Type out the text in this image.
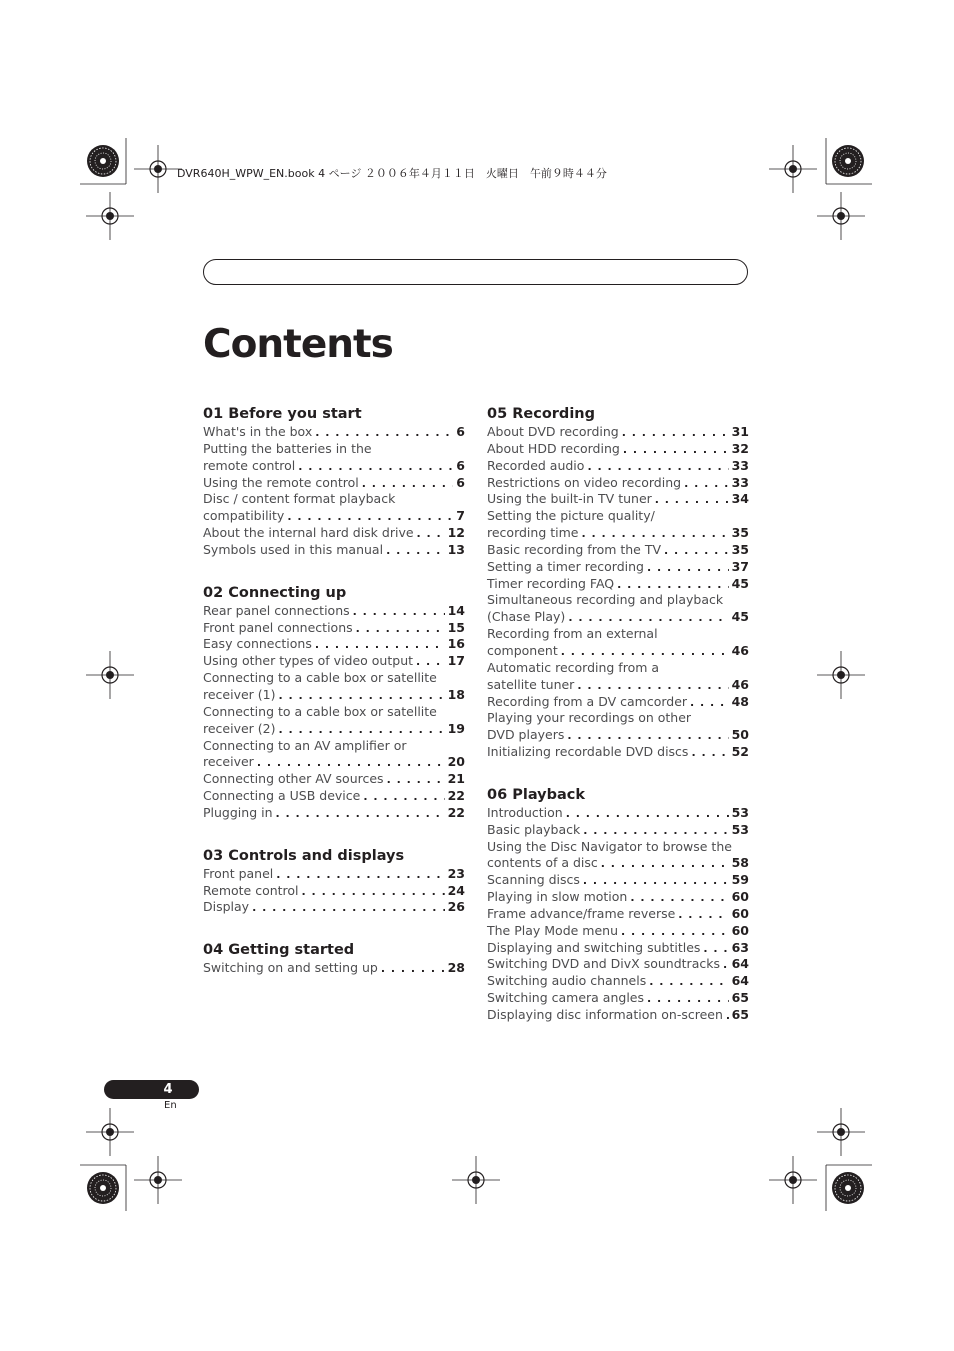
DVR640H_WPW_EN.book 4 ページ ２００６年４月１１日　火曜日　午前９時４４分
Contents
01 Before you start
What's in the box . . .	6
Putting the batteries in the
remote control . . .	6
Using the remote control . . .	6
Disc / content format playback
compatibility . . .	7
About the internal hard disk drive . . .	12
Symbols used in this manual . . .	13
02 Connecting up
Rear panel connections . . .	14
Front panel connections . . .	15
Easy connections . . .	16
Using other types of video output . . .	17
Connecting to a cable box or satellite
receiver (1) . . .	18
Connecting to a cable box or satellite
receiver (2) . . .	19
Connecting to an AV amplifier or
receiver . . .	20
Connecting other AV sources . . .	21
Connecting a USB device . . .	22
Plugging in . . .	22
03 Controls and displays
Front panel . . .	23
Remote control . . .	24
Display . . .	26
04 Getting started
Switching on and setting up . . .	28
05 Recording
About DVD recording . . .	31
About HDD recording . . .	32
Recorded audio . . .	33
Restrictions on video recording . . .	33
Using the built-in TV tuner . . .	34
Setting the picture quality/
recording time . . .	35
Basic recording from the TV . . .	35
Setting a timer recording . . .	37
Timer recording FAQ . . .	45
Simultaneous recording and playback
(Chase Play) . . .	45
Recording from an external
component . . .	46
Automatic recording from a
satellite tuner . . .	46
Recording from a DV camcorder . . .	48
Playing your recordings on other
DVD players . . .	50
Initializing recordable DVD discs . . .	52
06 Playback
Introduction . . .	53
Basic playback . . .	53
Using the Disc Navigator to browse the
contents of a disc . . .	58
Scanning discs . . .	59
Playing in slow motion . . .	60
Frame advance/frame reverse . . .	60
The Play Mode menu . . .	60
Displaying and switching subtitles . . . 63
Switching DVD and DivX soundtracks . . . 64
Switching audio channels . . .	64
Switching camera angles . . .	65
Displaying disc information on-screen . . . 65
4
En
